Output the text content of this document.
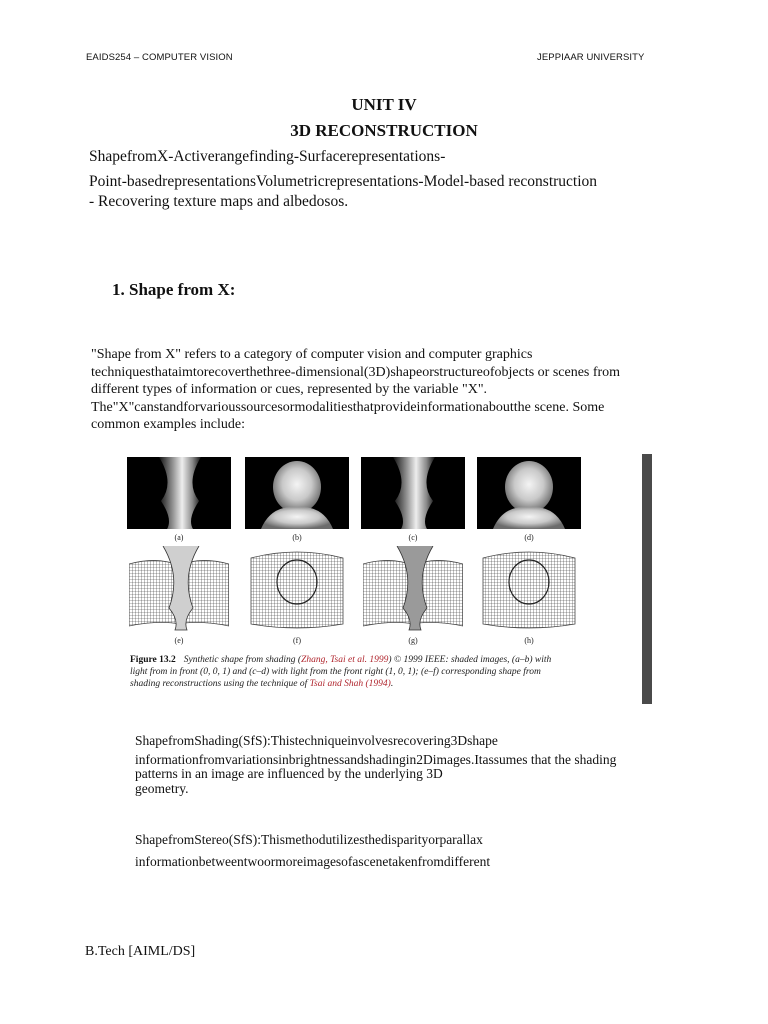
EAIDS254 – COMPUTER VISION	JEPPIAAR UNIVERSITY
UNIT IV
3D RECONSTRUCTION
ShapefromX-Activerangefinding-Surfacerepresentations-
Point-basedrepresentationsVolumetricrepresentations-Model-based reconstruction
- Recovering texture maps and albedosos.
1. Shape from X:
"Shape from X" refers to a category of computer vision and computer graphics
techniquesthataimtorecoverthethree-dimensional(3D)shapeorstructureofobjects or scenes from
different types of information or cues, represented by the variable "X".
The"X"canstandforvarioussourcesormodalitiesthatprovideinformationaboutthe scene. Some
common examples include:
(a)	(b)	(c)	(d)
(e)	(f)	(g)	(h)
Figure 13.2 Synthetic shape from shading (Zhang, Tsai et al. 1999) © 1999 IEEE: shaded images, (a–b) with light from in front (0, 0, 1) and (c–d) with light from the front right (1, 0, 1); (e–f) corresponding shape from shading reconstructions using the technique of Tsai and Shah (1994).
ShapefromShading(SfS):Thistechniqueinvolvesrecovering3Dshape
informationfromvariationsinbrightnessandshadingin2Dimages.Itassumes that the shading
patterns in an image are influenced by the underlying 3D
geometry.
ShapefromStereo(SfS):Thismethodutilizesthedisparityorparallax
informationbetweentwoormoreimagesofascenetakenfromdifferent
B.Tech [AIML/DS]
